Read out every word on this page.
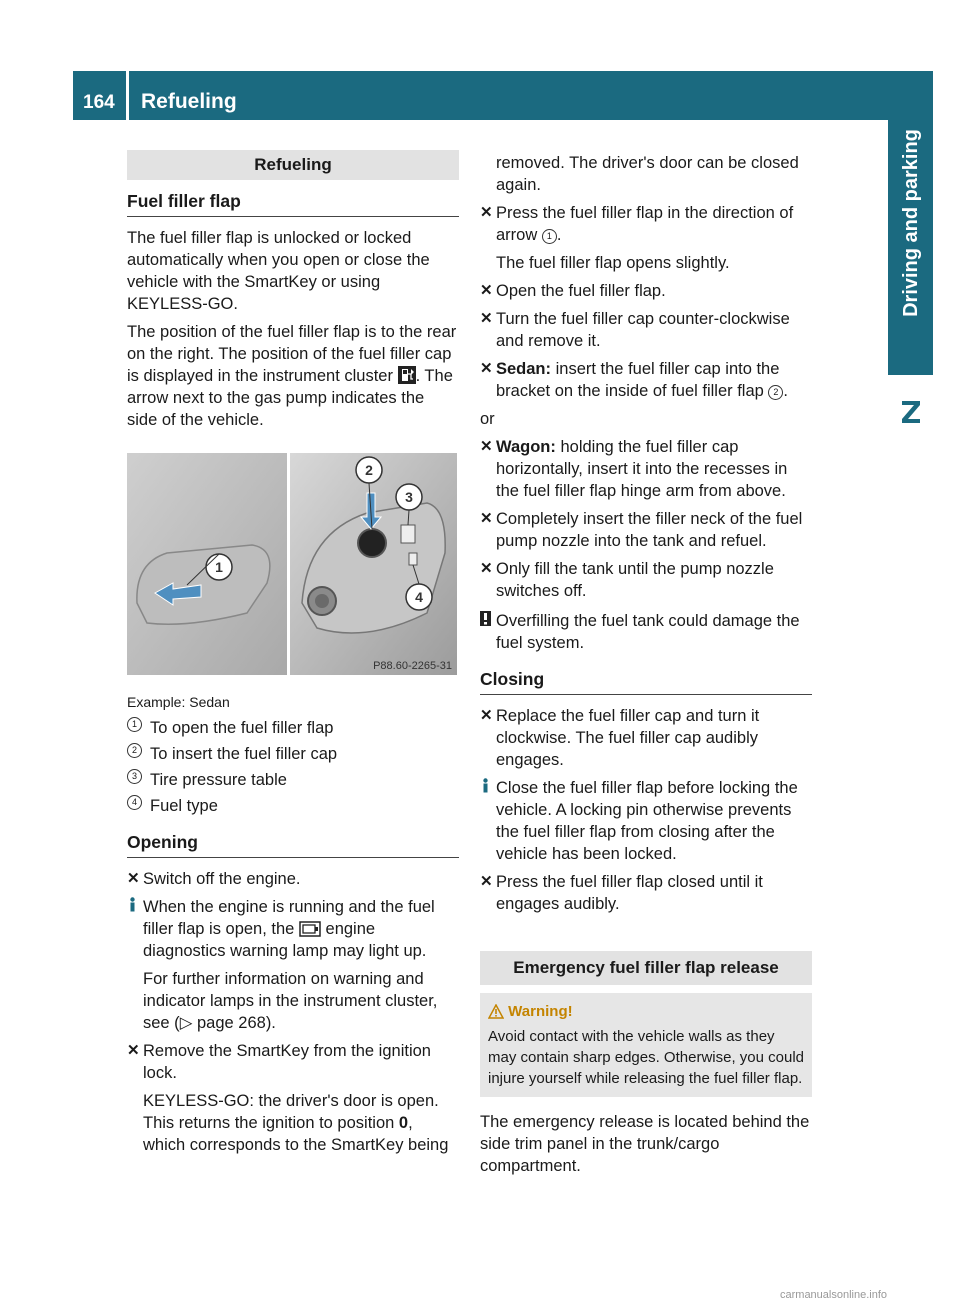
164 Refueling
Driving and parking
Refueling
Fuel filler flap

The fuel filler flap is unlocked or locked automatically when you open or close the vehicle with the SmartKey or using KEYLESS-GO.

The position of the fuel filler flap is to the rear on the right. The position of the fuel filler cap is displayed in the instrument cluster . The arrow next to the gas pump indicates the side of the vehicle.

1
2
3
4
P88.60-2265-31
Example: Sedan
1 To open the fuel filler flap
2 To insert the fuel filler cap
3 Tire pressure table
4 Fuel type
Opening
✕ Switch off the engine.

When the engine is running and the fuel filler flap is open, the engine diagnostics warning lamp may light up.

For further information on warning and indicator lamps in the instrument cluster, see (▷ page 268).

✕ Remove the SmartKey from the ignition lock.

KEYLESS-GO: the driver's door is open. This returns the ignition to position 0, which corresponds to the SmartKey being

removed. The driver's door can be closed again.
✕ Press the fuel filler flap in the direction of arrow 1 .

The fuel filler flap opens slightly.

✕ Open the fuel filler flap.
✕ Turn the fuel filler cap counter-clockwise and remove it.
✕ Sedan: insert the fuel filler cap into the bracket on the inside of fuel filler flap 2 .

or

✕ Wagon: holding the fuel filler cap horizontally, insert it into the recesses in the fuel filler flap hinge arm from above.
✕ Completely insert the filler neck of the fuel pump nozzle into the tank and refuel.
✕ Only fill the tank until the pump nozzle switches off.
Overfilling the fuel tank could damage the fuel system.
Closing
✕ Replace the fuel filler cap and turn it clockwise. The fuel filler cap audibly engages.
Close the fuel filler flap before locking the vehicle. A locking pin otherwise prevents the fuel filler flap from closing after the vehicle has been locked.
✕ Press the fuel filler flap closed until it engages audibly.
Emergency fuel filler flap release
Warning!
Avoid contact with the vehicle walls as they may contain sharp edges. Otherwise, you could injure yourself while releasing the fuel filler flap.

The emergency release is located behind the side trim panel in the trunk/cargo compartment.

carmanualsonline.info
